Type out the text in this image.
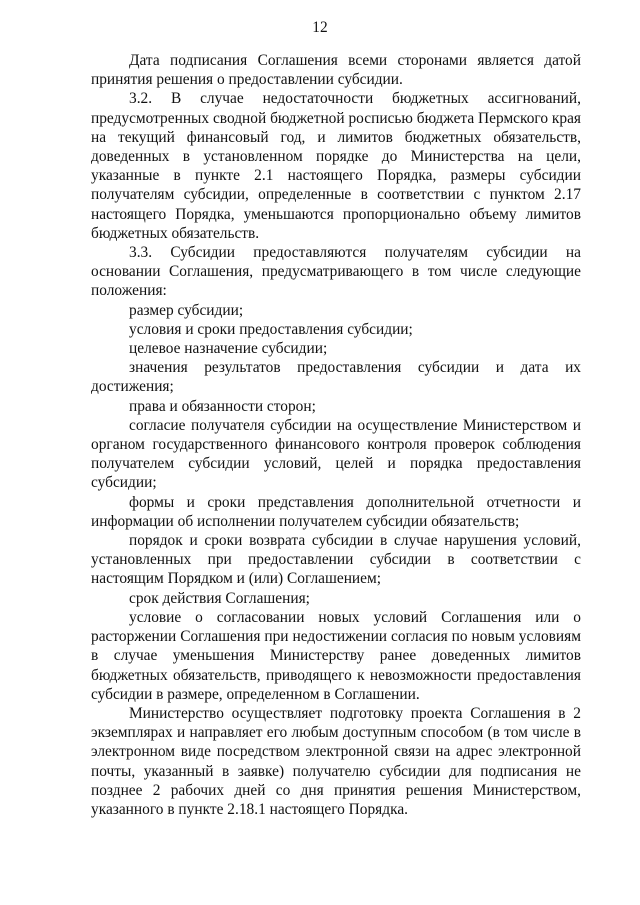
12

Дата подписания Соглашения всеми сторонами является датой принятия решения о предоставлении субсидии.

3.2. В случае недостаточности бюджетных ассигнований, предусмотренных сводной бюджетной росписью бюджета Пермского края на текущий финансовый год, и лимитов бюджетных обязательств, доведенных в установленном порядке до Министерства на цели, указанные в пункте 2.1 настоящего Порядка, размеры субсидии получателям субсидии, определенные в соответствии с пунктом 2.17 настоящего Порядка, уменьшаются пропорционально объему лимитов бюджетных обязательств.

3.3. Субсидии предоставляются получателям субсидии на основании Соглашения, предусматривающего в том числе следующие положения:

размер субсидии;

условия и сроки предоставления субсидии;

целевое назначение субсидии;

значения результатов предоставления субсидии и дата их достижения;

права и обязанности сторон;

согласие получателя субсидии на осуществление Министерством и органом государственного финансового контроля проверок соблюдения получателем субсидии условий, целей и порядка предоставления субсидии;

формы и сроки представления дополнительной отчетности и информации об исполнении получателем субсидии обязательств;

порядок и сроки возврата субсидии в случае нарушения условий, установленных при предоставлении субсидии в соответствии с настоящим Порядком и (или) Соглашением;

срок действия Соглашения;

условие о согласовании новых условий Соглашения или о расторжении Соглашения при недостижении согласия по новым условиям в случае уменьшения Министерству ранее доведенных лимитов бюджетных обязательств, приводящего к невозможности предоставления субсидии в размере, определенном в Соглашении.

Министерство осуществляет подготовку проекта Соглашения в 2 экземплярах и направляет его любым доступным способом (в том числе в электронном виде посредством электронной связи на адрес электронной почты, указанный в заявке) получателю субсидии для подписания не позднее 2 рабочих дней со дня принятия решения Министерством, указанного в пункте 2.18.1 настоящего Порядка.
